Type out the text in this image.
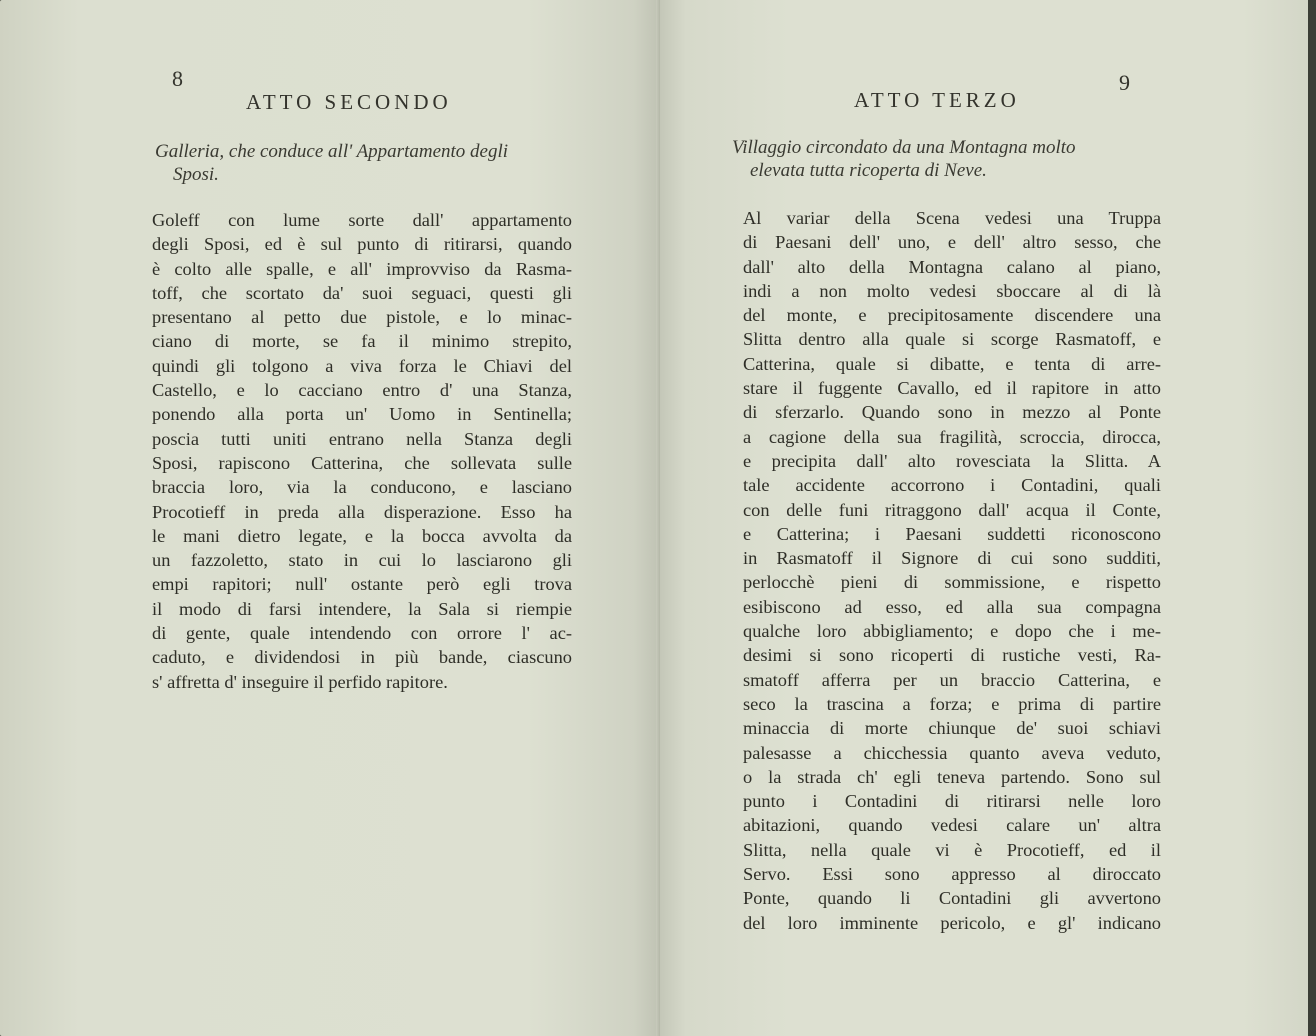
8
ATTO SECONDO
Galleria, che conduce all' Appartamento degli
Sposi.
Goleff con lume sorte dall' appartamento
degli Sposi, ed è sul punto di ritirarsi, quando
è colto alle spalle, e all' improvviso da Rasma-
toff, che scortato da' suoi seguaci, questi gli
presentano al petto due pistole, e lo minac-
ciano di morte, se fa il minimo strepito,
quindi gli tolgono a viva forza le Chiavi del
Castello, e lo cacciano entro d' una Stanza,
ponendo alla porta un' Uomo in Sentinella;
poscia tutti uniti entrano nella Stanza degli
Sposi, rapiscono Catterina, che sollevata sulle
braccia loro, via la conducono, e lasciano
Procotieff in preda alla disperazione. Esso ha
le mani dietro legate, e la bocca avvolta da
un fazzoletto, stato in cui lo lasciarono gli
empi rapitori; null' ostante però egli trova
il modo di farsi intendere, la Sala si riempie
di gente, quale intendendo con orrore l' ac-
caduto, e dividendosi in più bande, ciascuno
s' affretta d' inseguire il perfido rapitore.
9
ATTO TERZO
Villaggio circondato da una Montagna molto
elevata tutta ricoperta di Neve.
Al variar della Scena vedesi una Truppa
di Paesani dell' uno, e dell' altro sesso, che
dall' alto della Montagna calano al piano,
indi a non molto vedesi sboccare al di là
del monte, e precipitosamente discendere una
Slitta dentro alla quale si scorge Rasmatoff, e
Catterina, quale si dibatte, e tenta di arre-
stare il fuggente Cavallo, ed il rapitore in atto
di sferzarlo. Quando sono in mezzo al Ponte
a cagione della sua fragilità, scroccia, dirocca,
e precipita dall' alto rovesciata la Slitta. A
tale accidente accorrono i Contadini, quali
con delle funi ritraggono dall' acqua il Conte,
e Catterina; i Paesani suddetti riconoscono
in Rasmatoff il Signore di cui sono sudditi,
perlocchè pieni di sommissione, e rispetto
esibiscono ad esso, ed alla sua compagna
qualche loro abbigliamento; e dopo che i me-
desimi si sono ricoperti di rustiche vesti, Ra-
smatoff afferra per un braccio Catterina, e
seco la trascina a forza; e prima di partire
minaccia di morte chiunque de' suoi schiavi
palesasse a chicchessia quanto aveva veduto,
o la strada ch' egli teneva partendo. Sono sul
punto i Contadini di ritirarsi nelle loro
abitazioni, quando vedesi calare un' altra
Slitta, nella quale vi è Procotieff, ed il
Servo. Essi sono appresso al diroccato
Ponte, quando li Contadini gli avvertono
del loro imminente pericolo, e gl' indicano
